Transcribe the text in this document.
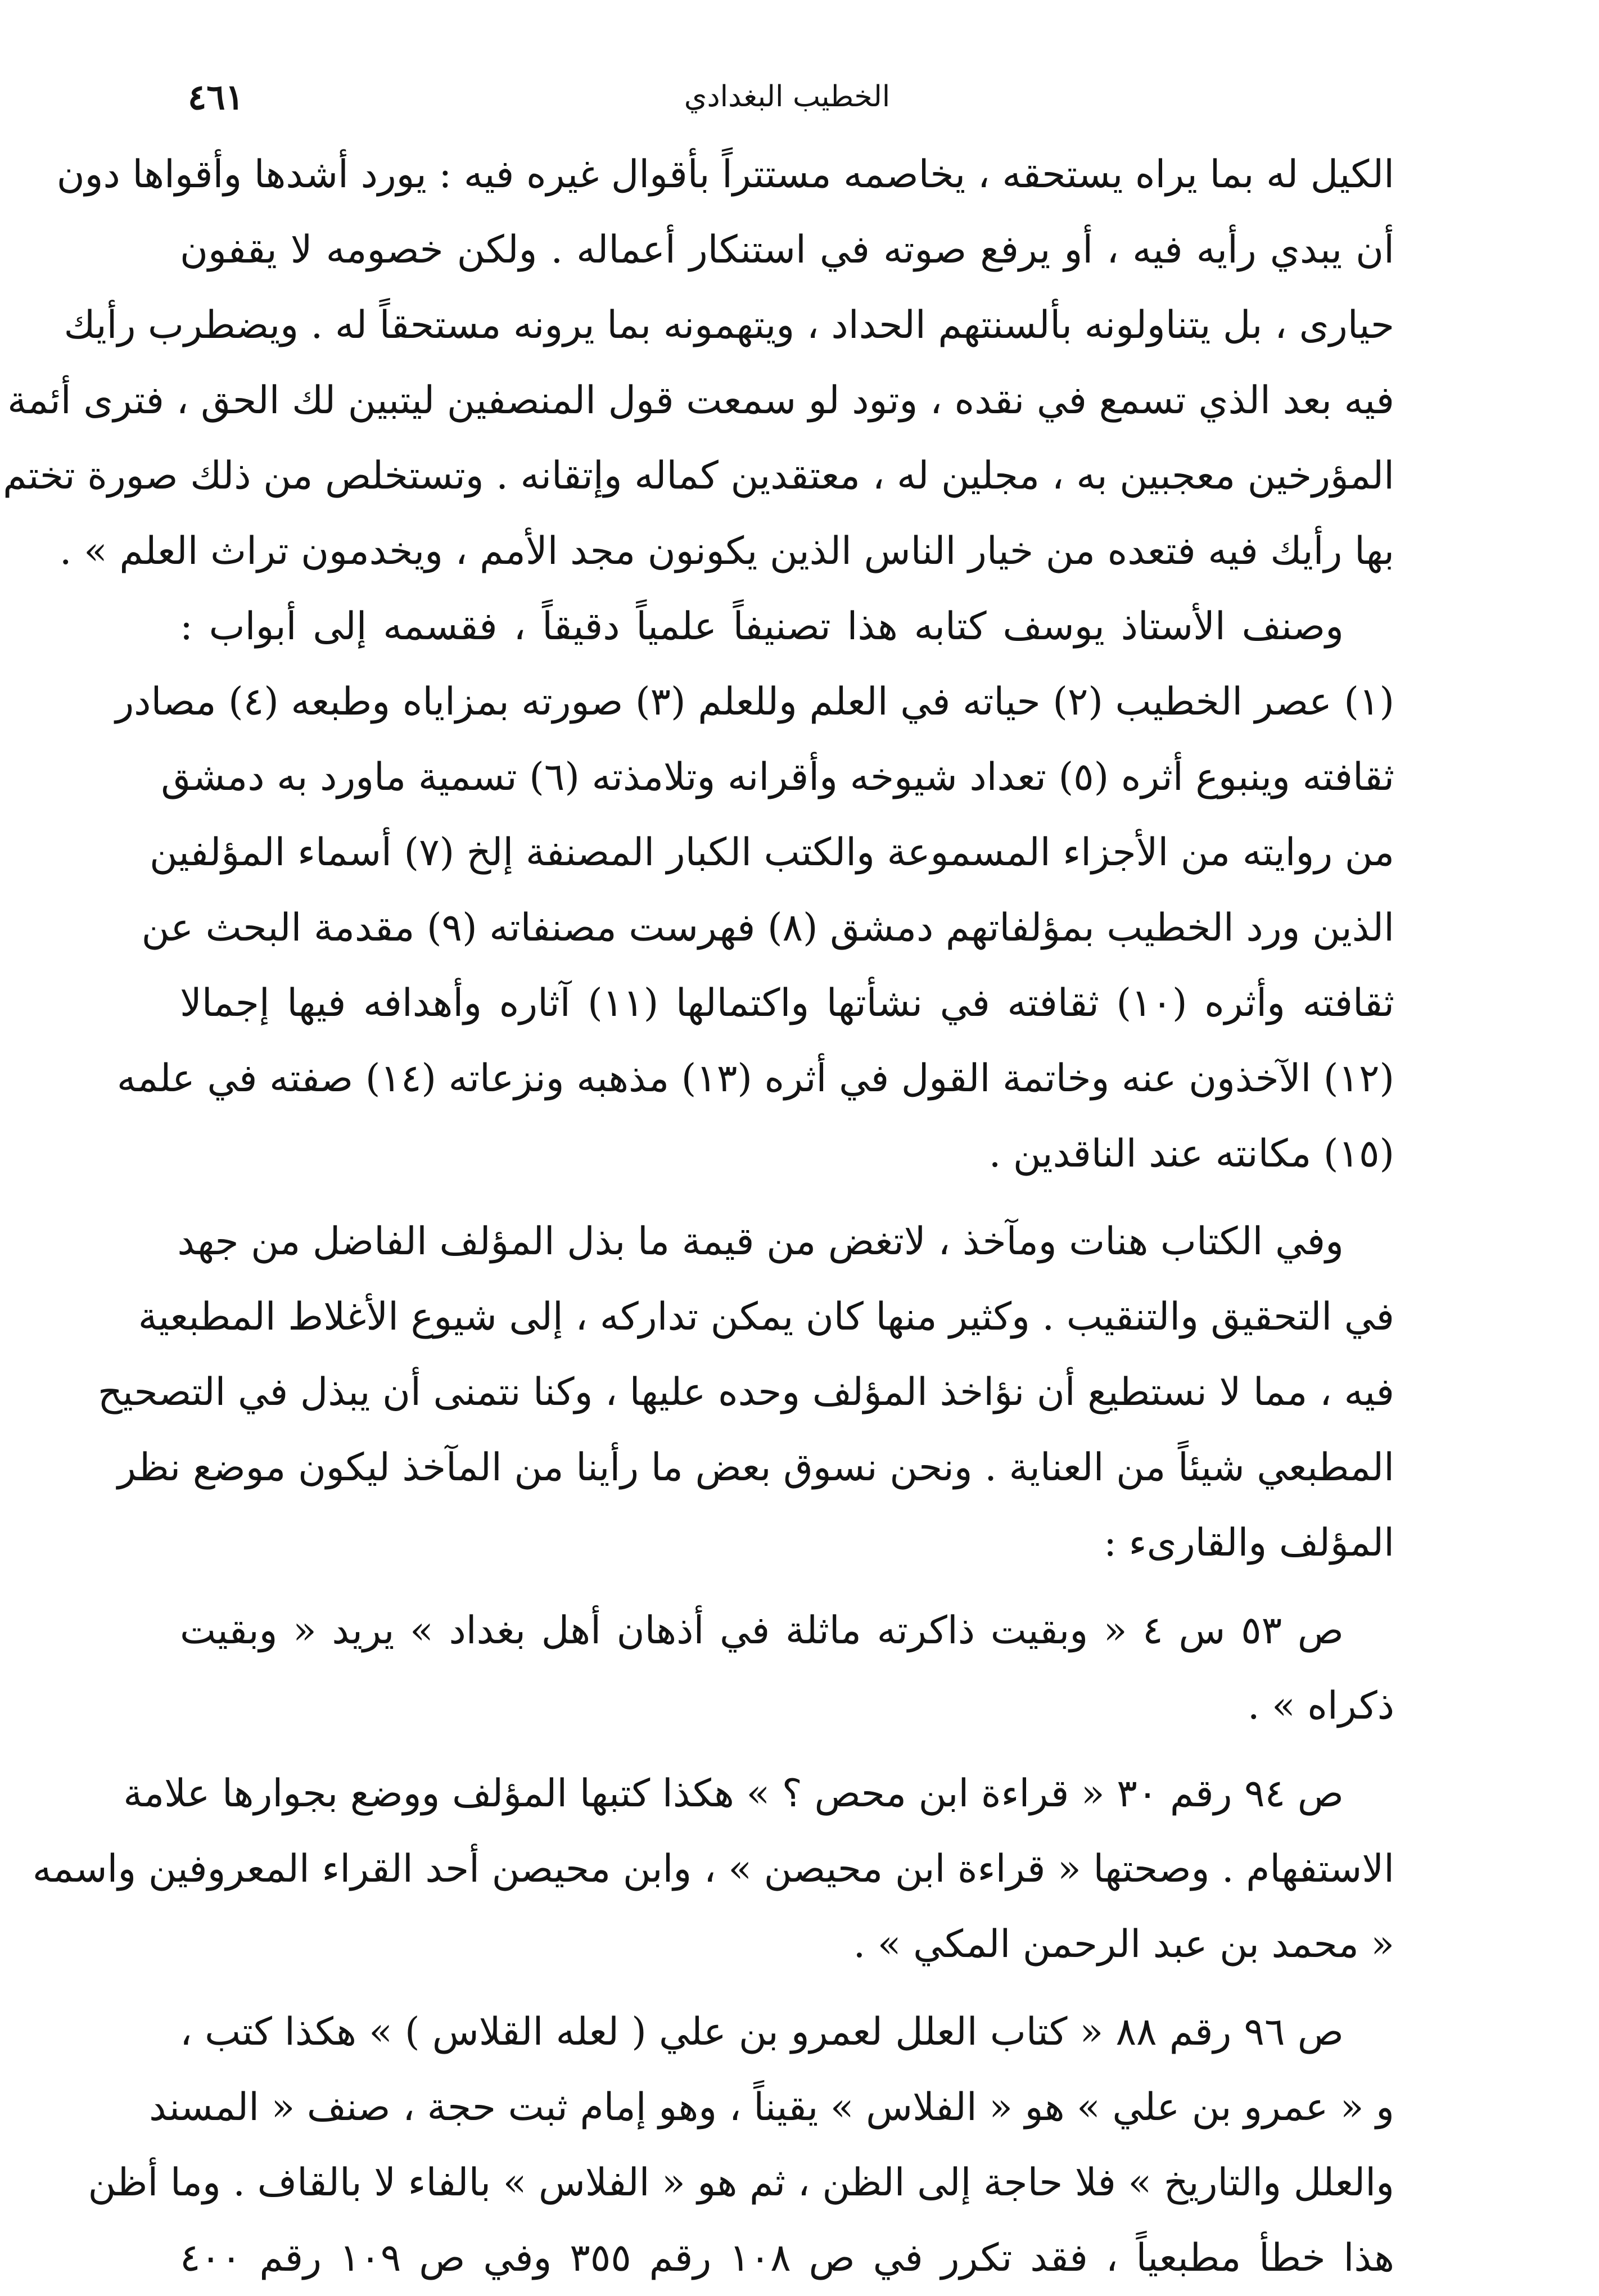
٤٦١	الخطيب البغدادي
الكيل له بما يراه يستحقه ، يخاصمه مستتراً بأقوال غيره فيه : يورد أشدها وأقواها دون
أن يبدي رأيه فيه ، أو يرفع صوته في استنكار أعماله . ولكن خصومه لا يقفون
حيارى ، بل يتناولونه بألسنتهم الحداد ، ويتهمونه بما يرونه مستحقاً له . ويضطرب رأيك
فيه بعد الذي تسمع في نقده ، وتود لو سمعت قول المنصفين ليتبين لك الحق ، فترى أئمة
المؤرخين معجبين به ، مجلين له ، معتقدين كماله وإتقانه . وتستخلص من ذلك صورة تختم
بها رأيك فيه فتعده من خيار الناس الذين يكونون مجد الأمم ، ويخدمون تراث العلم » .
وصنف الأستاذ يوسف كتابه هذا تصنيفاً علمياً دقيقاً ، فقسمه إلى أبواب :
(١) عصر الخطيب (٢) حياته في العلم وللعلم (٣) صورته بمزاياه وطبعه (٤) مصادر
ثقافته وينبوع أثره (٥) تعداد شيوخه وأقرانه وتلامذته (٦) تسمية ماورد به دمشق
من روايته من الأجزاء المسموعة والكتب الكبار المصنفة إلخ (٧) أسماء المؤلفين
الذين ورد الخطيب بمؤلفاتهم دمشق (٨) فهرست مصنفاته (٩) مقدمة البحث عن
ثقافته وأثره (١٠) ثقافته في نشأتها واكتمالها (١١) آثاره وأهدافه فيها إجمالا
(١٢) الآخذون عنه وخاتمة القول في أثره (١٣) مذهبه ونزعاته (١٤) صفته في علمه
(١٥) مكانته عند الناقدين .
وفي الكتاب هنات ومآخذ ، لاتغض من قيمة ما بذل المؤلف الفاضل من جهد
في التحقيق والتنقيب . وكثير منها كان يمكن تداركه ، إلى شيوع الأغلاط المطبعية
فيه ، مما لا نستطيع أن نؤاخذ المؤلف وحده عليها ، وكنا نتمنى أن يبذل في التصحيح
المطبعي شيئاً من العناية . ونحن نسوق بعض ما رأينا من المآخذ ليكون موضع نظر
المؤلف والقارىء :
ص ٥٣ س ٤ « وبقيت ذاكرته ماثلة في أذهان أهل بغداد » يريد « وبقيت
ذكراه » .
ص ٩٤ رقم ٣٠ « قراءة ابن محص ؟ » هكذا كتبها المؤلف ووضع بجوارها علامة
الاستفهام . وصحتها « قراءة ابن محيصن » ، وابن محيصن أحد القراء المعروفين واسمه
« محمد بن عبد الرحمن المكي » .
ص ٩٦ رقم ٨٨ « كتاب العلل لعمرو بن علي ( لعله القلاس ) » هكذا كتب ،
و « عمرو بن علي » هو « الفلاس » يقيناً ، وهو إمام ثبت حجة ، صنف « المسند
والعلل والتاريخ » فلا حاجة إلى الظن ، ثم هو « الفلاس » بالفاء لا بالقاف . وما أظن
هذا خطأ مطبعياً ، فقد تكرر في ص ١٠٨ رقم ٣٥٥ وفي ص ١٠٩ رقم ٤٠٠
